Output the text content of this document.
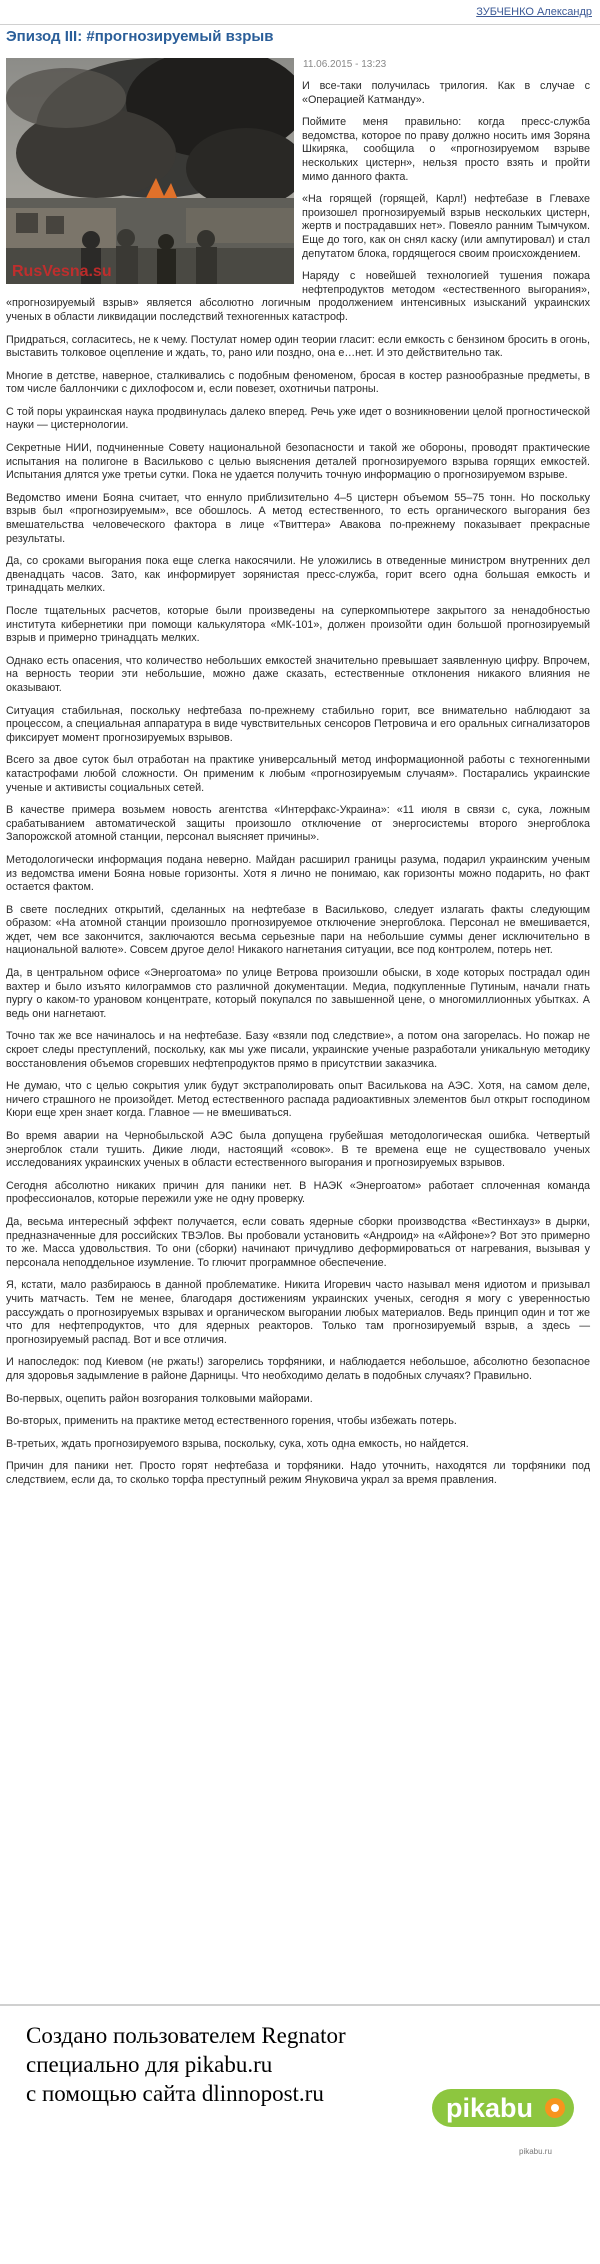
ЗУБЧЕНКО Александр
Эпизод III: #прогнозируемый взрыв
RusVesna.su
11.06.2015 - 13:23

И все-таки получилась трилогия. Как в случае с «Операцией Катманду».

Поймите меня правильно: когда пресс-служба ведомства, которое по праву должно носить имя Зоряна Шкиряка, сообщила о «прогнозируемом взрыве нескольких цистерн», нельзя просто взять и пройти мимо данного факта.

«На горящей (горящей, Карл!) нефтебазе в Глевахе произошел прогнозируемый взрыв нескольких цистерн, жертв и пострадавших нет». Повеяло ранним Тымчуком. Еще до того, как он снял каску (или ампутировал) и стал депутатом блока, гордящегося своим происхождением.

Наряду с новейшей технологией тушения пожара нефтепродуктов методом «естественного выгорания», «прогнозируемый взрыв» является абсолютно логичным продолжением интенсивных изысканий украинских ученых в области ликвидации последствий техногенных катастроф.

Придраться, согласитесь, не к чему. Постулат номер один теории гласит: если емкость с бензином бросить в огонь, выставить толковое оцепление и ждать, то, рано или поздно, она е…нет. И это действительно так.

Многие в детстве, наверное, сталкивались с подобным феноменом, бросая в костер разнообразные предметы, в том числе баллончики с дихлофосом и, если повезет, охотничьи патроны.

С той поры украинская наука продвинулась далеко вперед. Речь уже идет о возникновении целой прогностической науки — цистернологии.

Секретные НИИ, подчиненные Совету национальной безопасности и такой же обороны, проводят практические испытания на полигоне в Васильково с целью выяснения деталей прогнозируемого взрыва горящих емкостей. Испытания длятся уже третьи сутки. Пока не удается получить точную информацию о прогнозируемом взрыве.

Ведомство имени Бояна считает, что еннуло приблизительно 4–5 цистерн объемом 55–75 тонн. Но поскольку взрыв был «прогнозируемым», все обошлось. А метод естественного, то есть органического выгорания без вмешательства человеческого фактора в лице «Твиттера» Авакова по-прежнему показывает прекрасные результаты.

Да, со сроками выгорания пока еще слегка накосячили. Не уложились в отведенные министром внутренних дел двенадцать часов. Зато, как информирует зорянистая пресс-служба, горит всего одна большая емкость и тринадцать мелких.

После тщательных расчетов, которые были произведены на суперкомпьютере закрытого за ненадобностью института кибернетики при помощи калькулятора «МК-101», должен произойти один большой прогнозируемый взрыв и примерно тринадцать мелких.

Однако есть опасения, что количество небольших емкостей значительно превышает заявленную цифру. Впрочем, на верность теории эти небольшие, можно даже сказать, естественные отклонения никакого влияния не оказывают.

Ситуация стабильная, поскольку нефтебаза по-прежнему стабильно горит, все внимательно наблюдают за процессом, а специальная аппаратура в виде чувствительных сенсоров Петровича и его оральных сигнализаторов фиксирует момент прогнозируемых взрывов.

Всего за двое суток был отработан на практике универсальный метод информационной работы с техногенными катастрофами любой сложности. Он применим к любым «прогнозируемым случаям». Постарались украинские ученые и активисты социальных сетей.

В качестве примера возьмем новость агентства «Интерфакс-Украина»: «11 июля в связи с, сука, ложным срабатыванием автоматической защиты произошло отключение от энергосистемы второго энергоблока Запорожской атомной станции, персонал выясняет причины».

Методологически информация подана неверно. Майдан расширил границы разума, подарил украинским ученым из ведомства имени Бояна новые горизонты. Хотя я лично не понимаю, как горизонты можно подарить, но факт остается фактом.

В свете последних открытий, сделанных на нефтебазе в Васильково, следует излагать факты следующим образом: «На атомной станции произошло прогнозируемое отключение энергоблока. Персонал не вмешивается, ждет, чем все закончится, заключаются весьма серьезные пари на небольшие суммы денег исключительно в национальной валюте». Совсем другое дело! Никакого нагнетания ситуации, все под контролем, потерь нет.

Да, в центральном офисе «Энергоатома» по улице Ветрова произошли обыски, в ходе которых пострадал один вахтер и было изъято килограммов сто различной документации. Медиа, подкупленные Путиным, начали гнать пургу о каком-то урановом концентрате, который покупался по завышенной цене, о многомиллионных убытках. А ведь они нагнетают.

Точно так же все начиналось и на нефтебазе. Базу «взяли под следствие», а потом она загорелась. Но пожар не скроет следы преступлений, поскольку, как мы уже писали, украинские ученые разработали уникальную методику восстановления объемов сгоревших нефтепродуктов прямо в присутствии заказчика.

Не думаю, что с целью сокрытия улик будут экстраполировать опыт Василькова на АЭС. Хотя, на самом деле, ничего страшного не произойдет. Метод естественного распада радиоактивных элементов был открыт господином Кюри еще хрен знает когда. Главное — не вмешиваться.

Во время аварии на Чернобыльской АЭС была допущена грубейшая методологическая ошибка. Четвертый энергоблок стали тушить. Дикие люди, настоящий «совок». В те времена еще не существовало ученых исследованиях украинских ученых в области естественного выгорания и прогнозируемых взрывов.

Сегодня абсолютно никаких причин для паники нет. В НАЭК «Энергоатом» работает сплоченная команда профессионалов, которые пережили уже не одну проверку.

Да, весьма интересный эффект получается, если совать ядерные сборки производства «Вестинхауз» в дырки, предназначенные для российских ТВЭЛов. Вы пробовали установить «Андроид» на «Айфоне»? Вот это примерно то же. Масса удовольствия. То они (сборки) начинают причудливо деформироваться от нагревания, вызывая у персонала неподдельное изумление. То глючит программное обеспечение.

Я, кстати, мало разбираюсь в данной проблематике. Никита Игоревич часто называл меня идиотом и призывал учить матчасть. Тем не менее, благодаря достижениям украинских ученых, сегодня я могу с уверенностью рассуждать о прогнозируемых взрывах и органическом выгорании любых материалов. Ведь принцип один и тот же что для нефтепродуктов, что для ядерных реакторов. Только там прогнозируемый взрыв, а здесь — прогнозируемый распад. Вот и все отличия.

И напоследок: под Киевом (не ржать!) загорелись торфяники, и наблюдается небольшое, абсолютно безопасное для здоровья задымление в районе Дарницы. Что необходимо делать в подобных случаях? Правильно.

Во-первых, оцепить район возгорания толковыми майорами.

Во-вторых, применить на практике метод естественного горения, чтобы избежать потерь.

В-третьих, ждать прогнозируемого взрыва, поскольку, сука, хоть одна емкость, но найдется.

Причин для паники нет. Просто горят нефтебаза и торфяники. Надо уточнить, находятся ли торфяники под следствием, если да, то сколько торфа преступный режим Януковича украл за время правления.

Создано пользователем Regnator
специально для pikabu.ru
с помощью сайта dlinnopost.ru	pikabu
pikabu.ru
